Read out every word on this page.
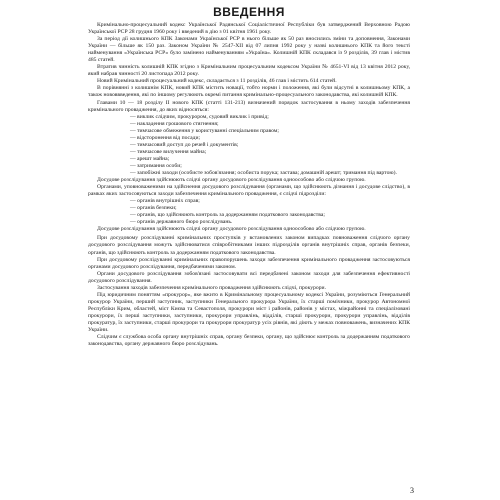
ВВЕДЕННЯ

Кримінально-процесуальний кодекс Української Радянської Соціалістичної Республіки був затверджений Верховною Радою Української РСР 28 грудня 1960 року і введений в дію з 01 квітня 1961 року.

За період дії колишнього КПК Законами Української РСР в нього більше як 50 раз вносились зміни та доповнення, Законами України — більше як 150 раз. Законом України № 2547-XII від 07 липня 1992 року у назві колишнього КПК та його тексті найменування «Українська РСР» було замінено найменуванням «Україна». Колишній КПК складався із 9 розділів, 39 глав і містив 485 статей.

Втратив чинність колишній КПК згідно з Кримінальним процесуальним кодексом України № 4651-VI від 13 квітня 2012 року, який набрав чинності 20 листопада 2012 року.

Новий Кримінальний процесуальний кодекс, складається з 11 розділів, 46 глав і містить 614 статей.

В порівнянні з колишнім КПК, новий КПК містить новації, тобто норми і положення, які були відсутні в колишньому КПК, а також нововвведення, які по іншому регулюють окремі питання кримінально-процесуального законодавства, які колишній КПК.

Главами 10 — 18 розділу II нового КПК (статті 131-213) визначений порядок застосування в ньому заходів забезпечення кримінального провадження, до яких відносяться:

— виклик слідчим, прокурором, судовий виклик і привід;

— накладення грошового стягнення;

— тимчасове обмеження у користуванні спеціальним правом;

— відсторонення від посади;

— тимчасовий доступ до речей і документів;

— тимчасове вилучення майна;

— арешт майна;

— затримання особи;

— запобіжні заходи (особисте зобов'язання; особиста порука; застава; домашній арешт; тримання під вартою).

Досудове розслідування здійснюють слідчі органу досудового розслідування одноособово або слідчою групою.

Органами, уповноваженими на здійснення досудового розслідування (органами, що здійснюють дізнання і досудове слідство), в рамках яких застосовуються заходи забезпечення кримінального провадження, є слідчі підрозділи:

— органів внутрішніх справ;

— органів безпеки;

— органів, що здійснюють контроль за додержанням податкового законодавства;

— органів державного бюро розслідувань.

Досудове розслідування здійснюють слідчі органу досудового розслідування одноособово або слідчою групою.

При досудовому розслідуванні кримінальних проступків у встановлених законом випадках повноваження слідчого органу досудового розслідування можуть здійснюватися співробітниками інших підрозділів органів внутрішніх справ, органів безпеки, органів, що здійснюють контроль за додержанням податкового законодавства.

При досудовому розслідуванні кримінальних правопорушень заходи забезпечення кримінального провадження застосовуються органами досудового розслідування, передбаченими законом.

Органи досудового розслідування зобов'язані застосовувати всі передбачені законом заходи для забезпечення ефективності досудового розслідування.

Застосування заходів забезпечення кримінального провадження здійснюють слідчі, прокурори.

Під юридичним поняттям «прокурор», яке вжито в Кримінальному процесуальному кодексі України, розуміються Генеральний прокурор України, перший заступник, заступники Генерального прокурора України, їх старші помічники, прокурор Автономної Республіки Крим, областей, міст Києва та Севастополя, прокурори міст і районів, районів у містах, міжрайонні та спеціалізовані прокурори, їх перші заступники, заступники, прокурори управлінь, відділів, старші прокурори, прокурори управлінь, відділів прокуратур, їх заступники, старші прокурори та прокурори прокуратур усіх рівнів, які діють у межах повноважень, визначених КПК України.

Слідчим є службова особа органу внутрішніх справ, органу безпеки, органу, що здійснює контроль за додержанням податкового законодавства, органу державного бюро розслідувань.

3
